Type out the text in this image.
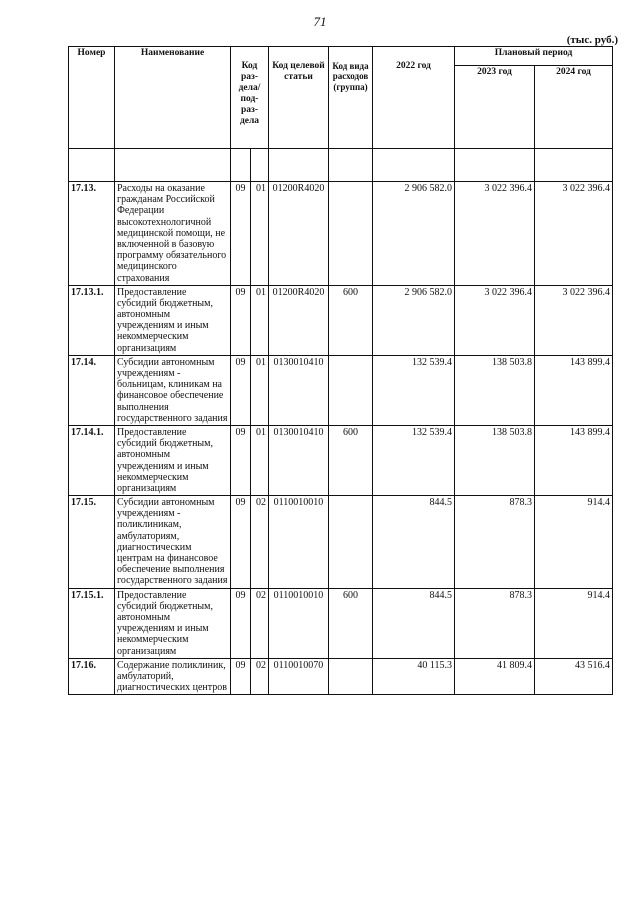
71
(тыс. руб.)
Номер	Наименование	Код раз-дела/ под-раз-дела		Код целевой статьи	Код вида расходов (группа)	2022 год	Плановый период	
							2023 год	2024 год

17.13.	Расходы на оказание гражданам Российской Федерации высокотехнологичной медицинской помощи, не включенной в базовую программу обязательного медицинского страхования	09	01	01200R4020		2 906 582.0	3 022 396.4	3 022 396.4
17.13.1.	Предоставление субсидий бюджетным, автономным учреждениям и иным некоммерческим организациям	09	01	01200R4020	600	2 906 582.0	3 022 396.4	3 022 396.4
17.14.	Субсидии автономным учреждениям - больницам, клиникам на финансовое обеспечение выполнения государственного задания	09	01	0130010410		132 539.4	138 503.8	143 899.4
17.14.1.	Предоставление субсидий бюджетным, автономным учреждениям и иным некоммерческим организациям	09	01	0130010410	600	132 539.4	138 503.8	143 899.4
17.15.	Субсидии автономным учреждениям - поликлиникам, амбулаториям, диагностическим центрам на финансовое обеспечение выполнения государственного задания	09	02	0110010010		844.5	878.3	914.4
17.15.1.	Предоставление субсидий бюджетным, автономным учреждениям и иным некоммерческим организациям	09	02	0110010010	600	844.5	878.3	914.4
17.16.	Содержание поликлиник, амбулаторий, диагностических центров	09	02	0110010070		40 115.3	41 809.4	43 516.4
